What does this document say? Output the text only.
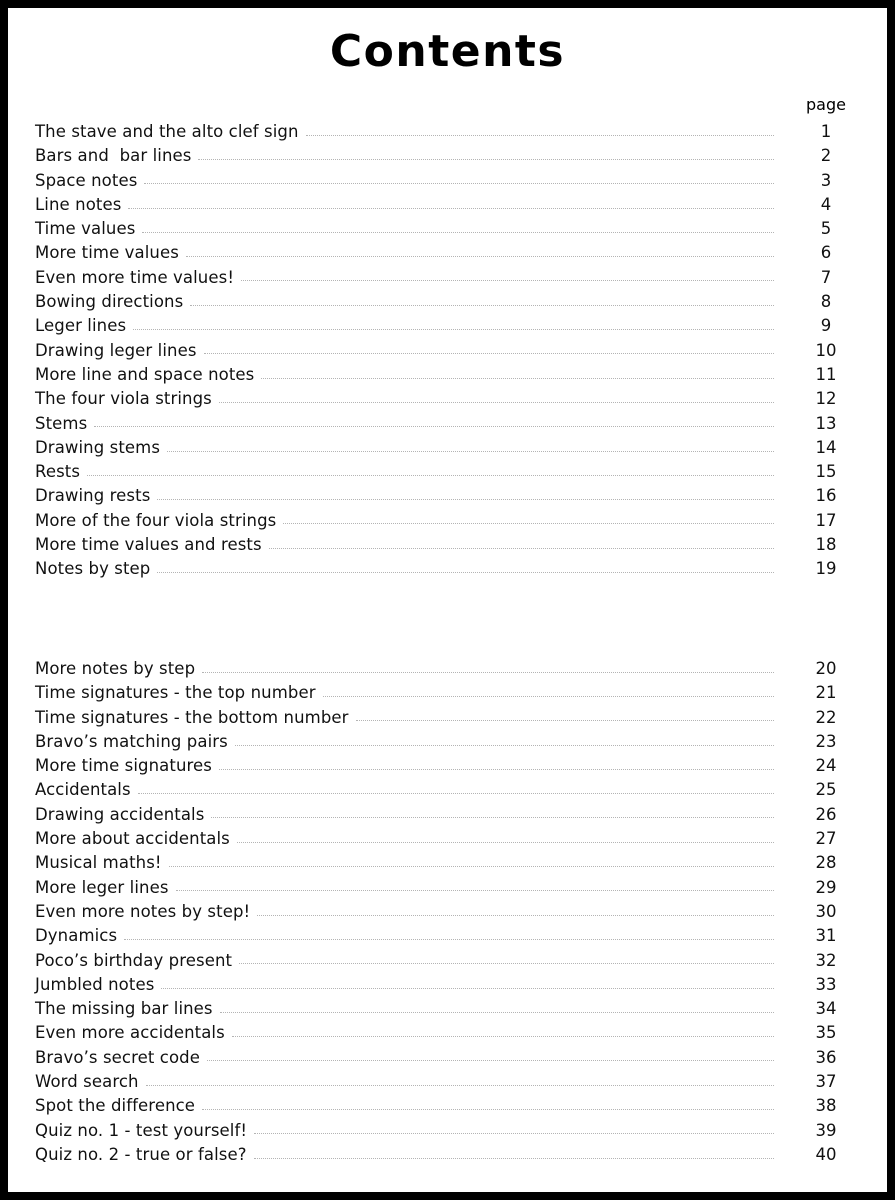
Contents
page
The stave and the alto clef sign	1
Bars and  bar lines	2
Space notes	3
Line notes	4
Time values	5
More time values	6
Even more time values!	7
Bowing directions	8
Leger lines	9
Drawing leger lines	10
More line and space notes	11
The four viola strings	12
Stems	13
Drawing stems	14
Rests	15
Drawing rests	16
More of the four viola strings	17
More time values and rests	18
Notes by step	19
More notes by step	20
Time signatures - the top number	21
Time signatures - the bottom number	22
Bravo’s matching pairs	23
More time signatures	24
Accidentals	25
Drawing accidentals	26
More about accidentals	27
Musical maths!	28
More leger lines	29
Even more notes by step!	30
Dynamics	31
Poco’s birthday present	32
Jumbled notes	33
The missing bar lines	34
Even more accidentals	35
Bravo’s secret code	36
Word search	37
Spot the difference	38
Quiz no. 1 - test yourself!	39
Quiz no. 2 - true or false?	40
